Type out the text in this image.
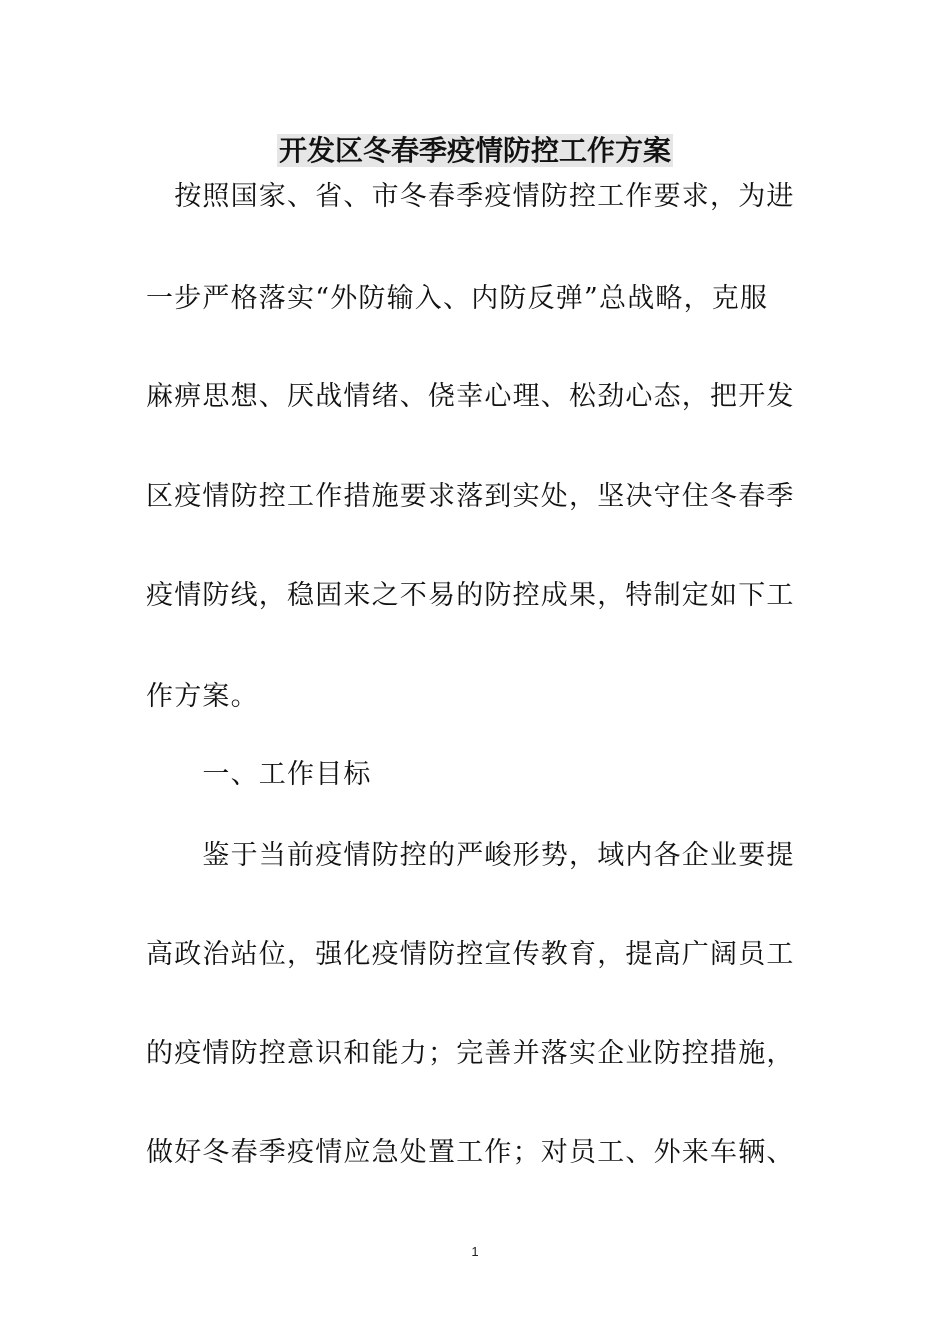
开发区冬春季疫情防控工作方案
　按照国家、省、市冬春季疫情防控工作要求，为进
一步严格落实“外防输入、内防反弹”总战略，克服
麻痹思想、厌战情绪、侥幸心理、松劲心态，把开发
区疫情防控工作措施要求落到实处，坚决守住冬春季
疫情防线，稳固来之不易的防控成果，特制定如下工
作方案。
　　一、工作目标
　　鉴于当前疫情防控的严峻形势，域内各企业要提
高政治站位，强化疫情防控宣传教育，提高广阔员工
的疫情防控意识和能力；完善并落实企业防控措施，
做好冬春季疫情应急处置工作；对员工、外来车辆、
1
